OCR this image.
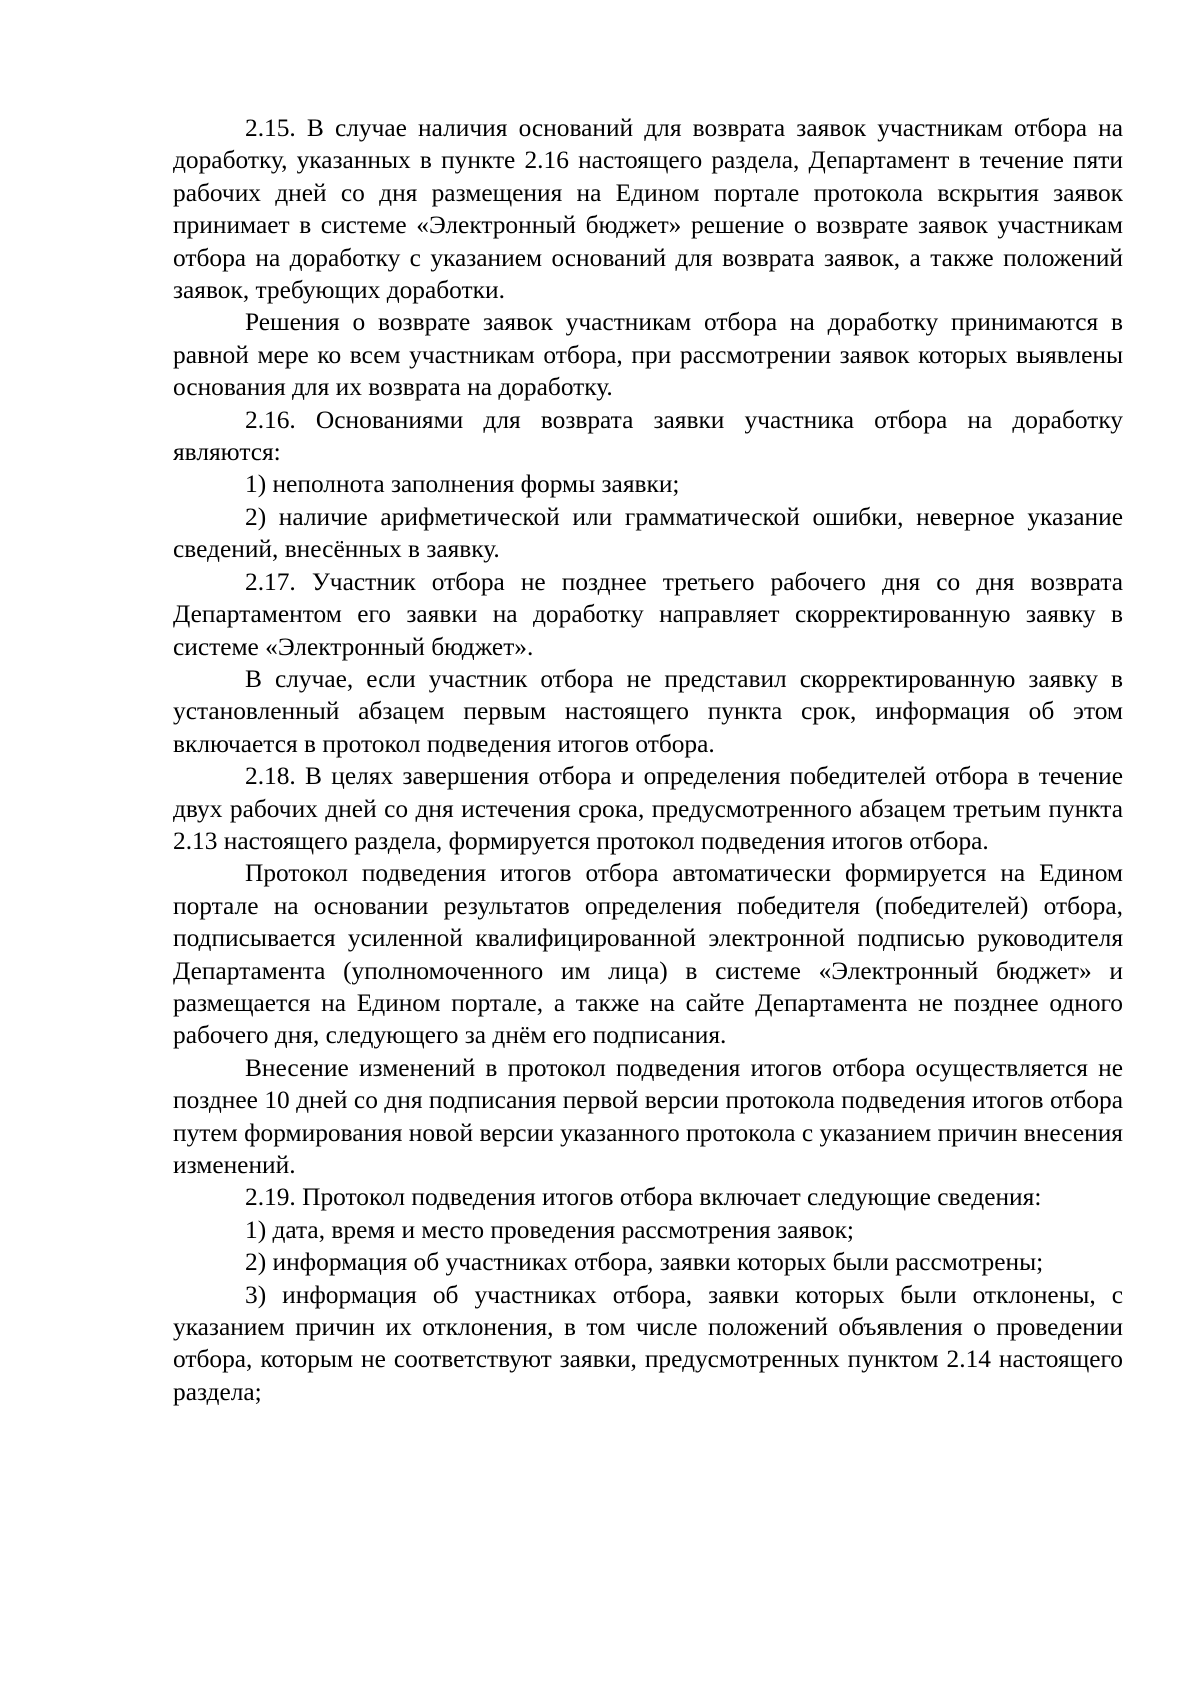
2.15. В случае наличия оснований для возврата заявок участникам отбора на доработку, указанных в пункте 2.16 настоящего раздела, Департамент в течение пяти рабочих дней со дня размещения на Едином портале протокола вскрытия заявок принимает в системе «Электронный бюджет» решение о возврате заявок участникам отбора на доработку с указанием оснований для возврата заявок, а также положений заявок, требующих доработки.

Решения о возврате заявок участникам отбора на доработку принимаются в равной мере ко всем участникам отбора, при рассмотрении заявок которых выявлены основания для их возврата на доработку.

2.16. Основаниями для возврата заявки участника отбора на доработку являются:

1) неполнота заполнения формы заявки;

2) наличие арифметической или грамматической ошибки, неверное указание сведений, внесённых в заявку.

2.17. Участник отбора не позднее третьего рабочего дня со дня возврата Департаментом его заявки на доработку направляет скорректированную заявку в системе «Электронный бюджет».

В случае, если участник отбора не представил скорректированную заявку в установленный абзацем первым настоящего пункта срок, информация об этом включается в протокол подведения итогов отбора.

2.18. В целях завершения отбора и определения победителей отбора в течение двух рабочих дней со дня истечения срока, предусмотренного абзацем третьим пункта 2.13 настоящего раздела, формируется протокол подведения итогов отбора.

Протокол подведения итогов отбора автоматически формируется на Едином портале на основании результатов определения победителя (победителей) отбора, подписывается усиленной квалифицированной электронной подписью руководителя Департамента (уполномоченного им лица) в системе «Электронный бюджет» и размещается на Едином портале, а также на сайте Департамента не позднее одного рабочего дня, следующего за днём его подписания.

Внесение изменений в протокол подведения итогов отбора осуществляется не позднее 10 дней со дня подписания первой версии протокола подведения итогов отбора путем формирования новой версии указанного протокола с указанием причин внесения изменений.

2.19. Протокол подведения итогов отбора включает следующие сведения:

1) дата, время и место проведения рассмотрения заявок;

2) информация об участниках отбора, заявки которых были рассмотрены;

3) информация об участниках отбора, заявки которых были отклонены, с указанием причин их отклонения, в том числе положений объявления о проведении отбора, которым не соответствуют заявки, предусмотренных пунктом 2.14 настоящего раздела;
